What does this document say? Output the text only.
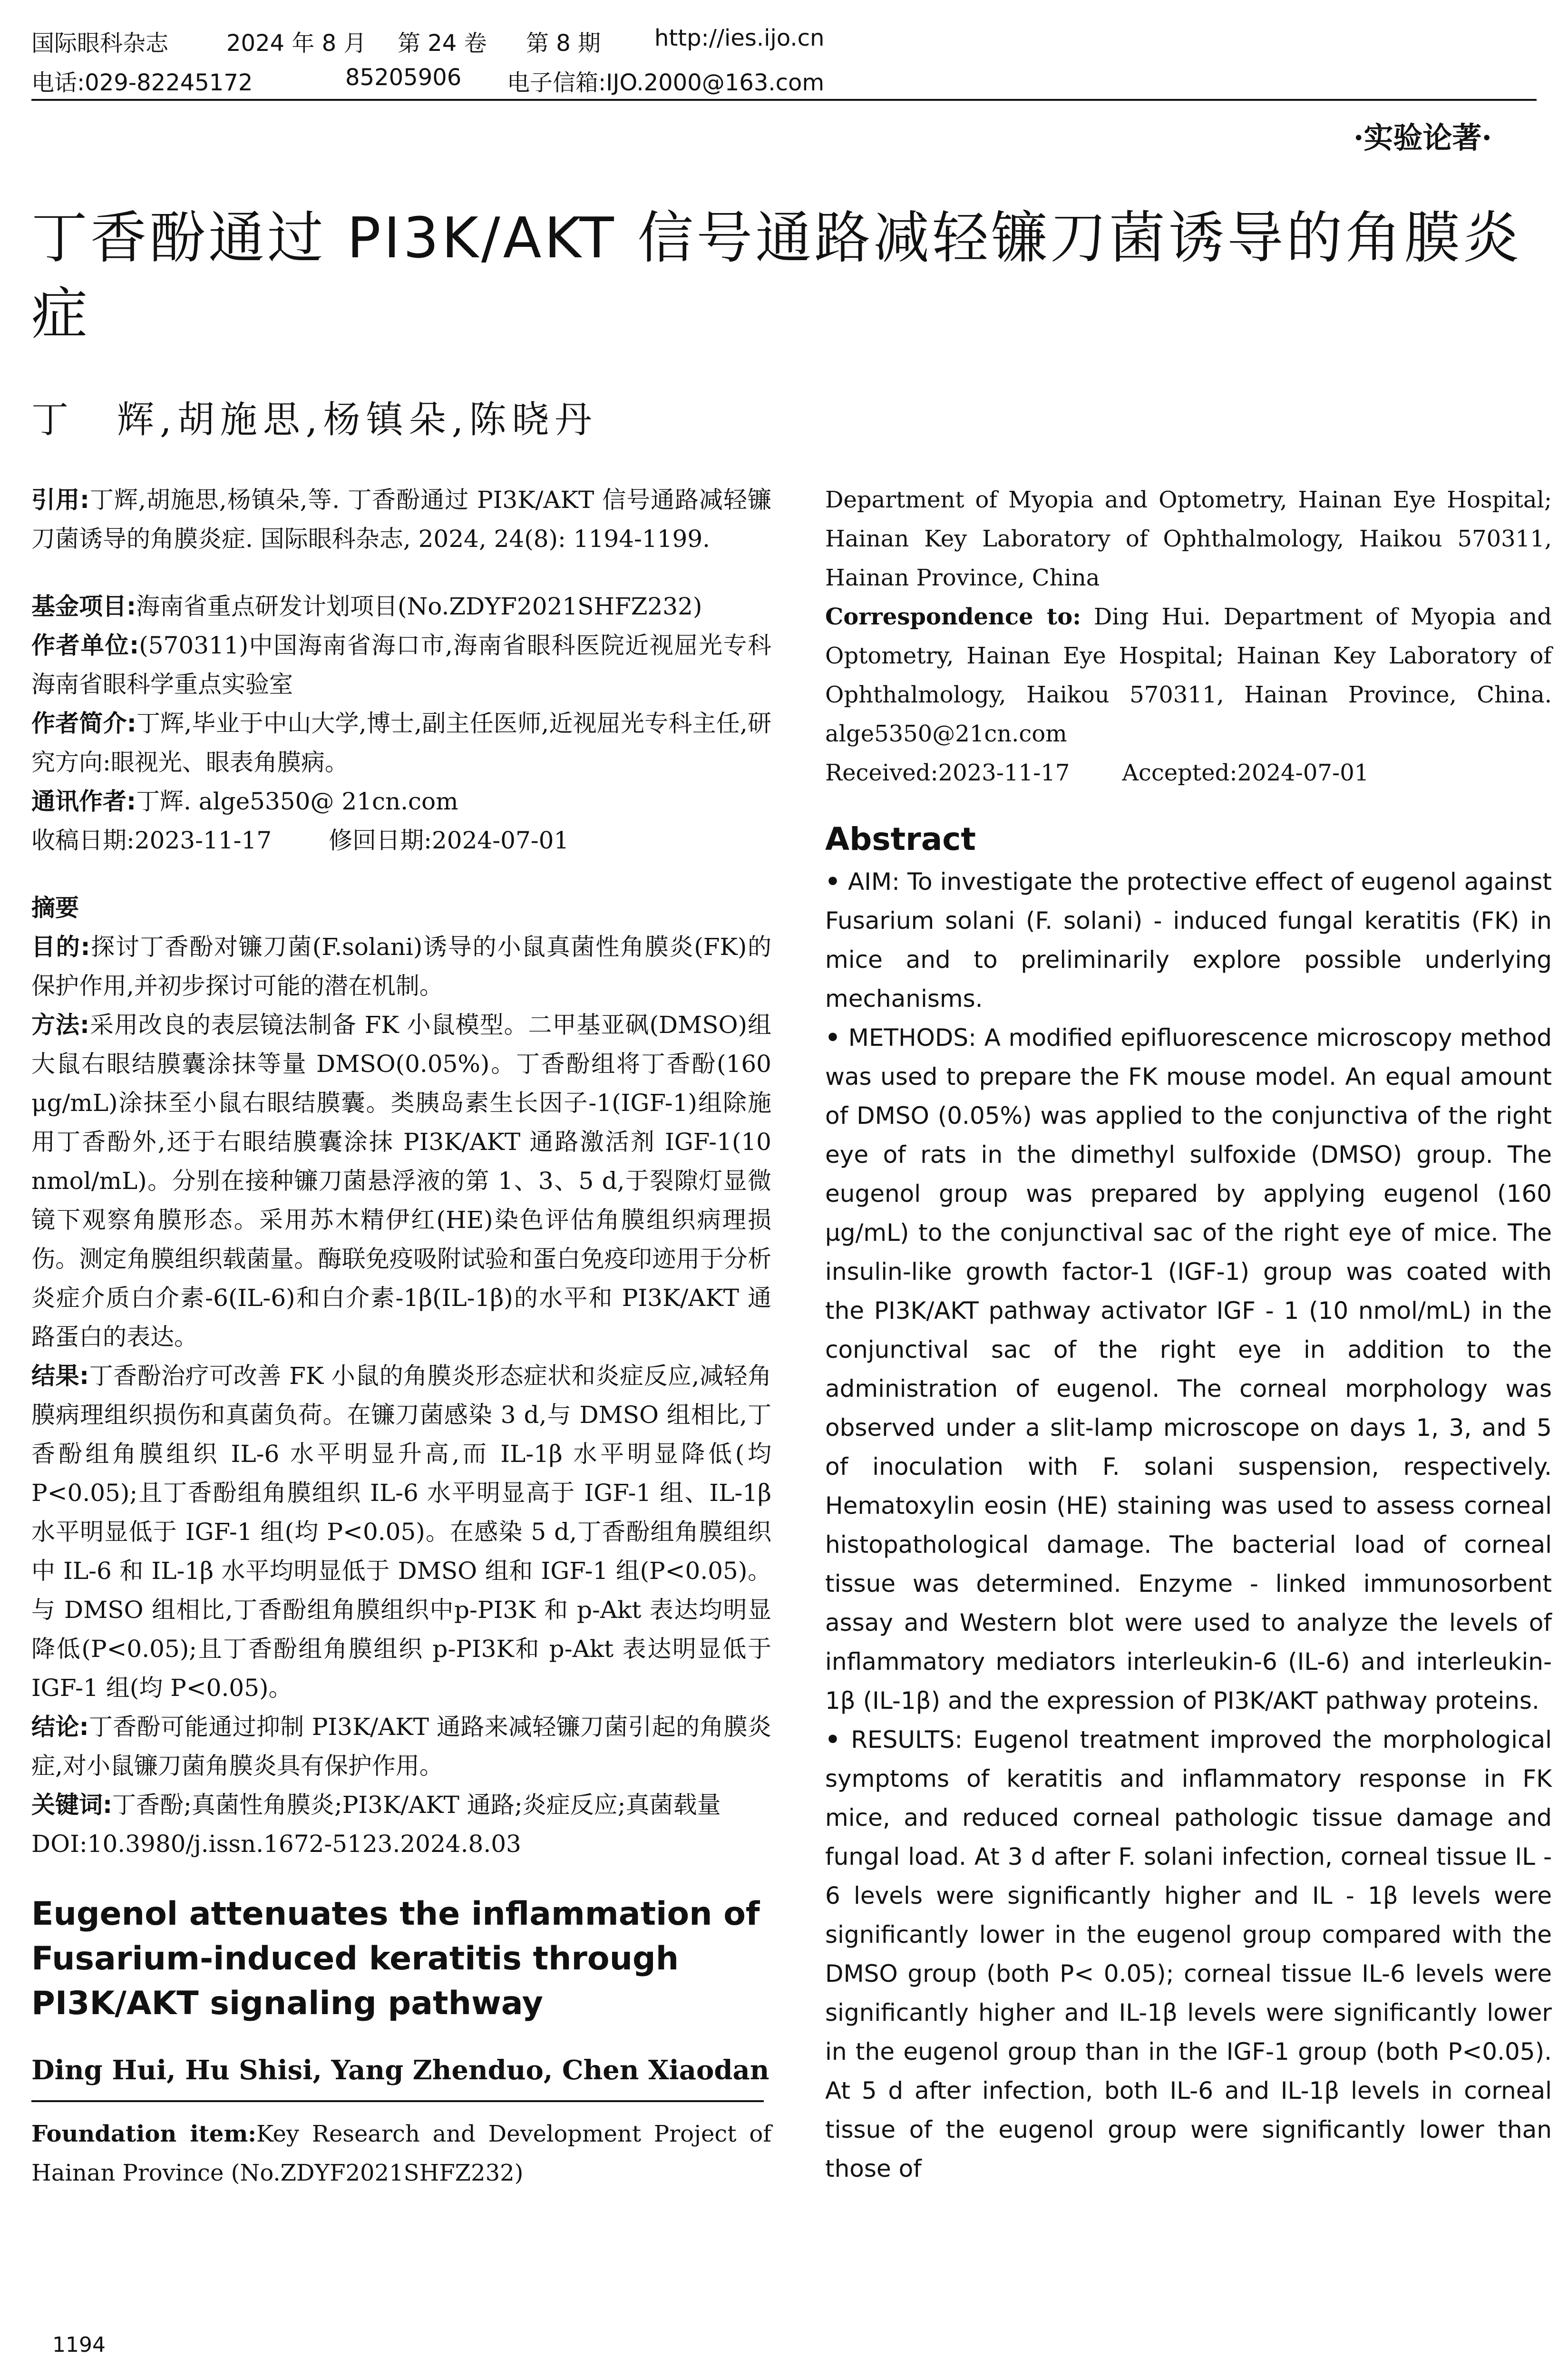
国际眼科杂志	2024 年 8 月 第 24 卷 第 8 期 http://ies.ijo.cn
电话:029-82245172	85205906 电子信箱:IJO.2000@163.com
·实验论著·
丁香酚通过 PI3K/AKT 信号通路减轻镰刀菌诱导的角膜炎症
丁　辉,胡施思,杨镇朵,陈晓丹

引用:丁辉,胡施思,杨镇朵,等. 丁香酚通过 PI3K/AKT 信号通路减轻镰刀菌诱导的角膜炎症. 国际眼科杂志, 2024, 24(8): 1194-1199.

基金项目:海南省重点研发计划项目(No.ZDYF2021SHFZ232)

作者单位:(570311)中国海南省海口市,海南省眼科医院近视屈光专科 海南省眼科学重点实验室

作者简介:丁辉,毕业于中山大学,博士,副主任医师,近视屈光专科主任,研究方向:眼视光、眼表角膜病。

通讯作者:丁辉. alge5350@ 21cn.com

收稿日期:2023-11-17 修回日期:2024-07-01

摘要

目的:探讨丁香酚对镰刀菌(F.solani)诱导的小鼠真菌性角膜炎(FK)的保护作用,并初步探讨可能的潜在机制。

方法:采用改良的表层镜法制备 FK 小鼠模型。二甲基亚砜(DMSO)组大鼠右眼结膜囊涂抹等量 DMSO(0.05%)。丁香酚组将丁香酚(160 μg/mL)涂抹至小鼠右眼结膜囊。类胰岛素生长因子-1(IGF-1)组除施用丁香酚外,还于右眼结膜囊涂抹 PI3K/AKT 通路激活剂 IGF-1(10 nmol/mL)。分别在接种镰刀菌悬浮液的第 1、3、5 d,于裂隙灯显微镜下观察角膜形态。采用苏木精伊红(HE)染色评估角膜组织病理损伤。测定角膜组织载菌量。酶联免疫吸附试验和蛋白免疫印迹用于分析炎症介质白介素-6(IL-6)和白介素-1β(IL-1β)的水平和 PI3K/AKT 通路蛋白的表达。

结果:丁香酚治疗可改善 FK 小鼠的角膜炎形态症状和炎症反应,减轻角膜病理组织损伤和真菌负荷。在镰刀菌感染 3 d,与 DMSO 组相比,丁香酚组角膜组织 IL-6 水平明显升高,而 IL-1β 水平明显降低(均 P<0.05);且丁香酚组角膜组织 IL-6 水平明显高于 IGF-1 组、IL-1β 水平明显低于 IGF-1 组(均 P<0.05)。在感染 5 d,丁香酚组角膜组织中 IL-6 和 IL-1β 水平均明显低于 DMSO 组和 IGF-1 组(P<0.05)。与 DMSO 组相比,丁香酚组角膜组织中p-PI3K 和 p-Akt 表达均明显降低(P<0.05);且丁香酚组角膜组织 p-PI3K和 p-Akt 表达明显低于 IGF-1 组(均 P<0.05)。

结论:丁香酚可能通过抑制 PI3K/AKT 通路来减轻镰刀菌引起的角膜炎症,对小鼠镰刀菌角膜炎具有保护作用。

关键词:丁香酚;真菌性角膜炎;PI3K/AKT 通路;炎症反应;真菌载量

DOI:10.3980/j.issn.1672-5123.2024.8.03

Eugenol attenuates the inflammation of Fusarium-induced keratitis through PI3K/AKT signaling pathway

Ding Hui, Hu Shisi, Yang Zhenduo, Chen Xiaodan

Foundation item:Key Research and Development Project of Hainan Province (No.ZDYF2021SHFZ232)

Department of Myopia and Optometry, Hainan Eye Hospital; Hainan Key Laboratory of Ophthalmology, Haikou 570311, Hainan Province, China

Correspondence to: Ding Hui. Department of Myopia and Optometry, Hainan Eye Hospital; Hainan Key Laboratory of Ophthalmology, Haikou 570311, Hainan Province, China. alge5350@21cn.com

Received:2023-11-17 Accepted:2024-07-01

Abstract

• AIM: To investigate the protective effect of eugenol against Fusarium solani (F. solani) - induced fungal keratitis (FK) in mice and to preliminarily explore possible underlying mechanisms.

• METHODS: A modified epifluorescence microscopy method was used to prepare the FK mouse model. An equal amount of DMSO (0.05%) was applied to the conjunctiva of the right eye of rats in the dimethyl sulfoxide (DMSO) group. The eugenol group was prepared by applying eugenol (160 μg/mL) to the conjunctival sac of the right eye of mice. The insulin-like growth factor-1 (IGF-1) group was coated with the PI3K/AKT pathway activator IGF - 1 (10 nmol/mL) in the conjunctival sac of the right eye in addition to the administration of eugenol. The corneal morphology was observed under a slit-lamp microscope on days 1, 3, and 5 of inoculation with F. solani suspension, respectively. Hematoxylin eosin (HE) staining was used to assess corneal histopathological damage. The bacterial load of corneal tissue was determined. Enzyme - linked immunosorbent assay and Western blot were used to analyze the levels of inflammatory mediators interleukin-6 (IL-6) and interleukin-1β (IL-1β) and the expression of PI3K/AKT pathway proteins.

• RESULTS: Eugenol treatment improved the morphological symptoms of keratitis and inflammatory response in FK mice, and reduced corneal pathologic tissue damage and fungal load. At 3 d after F. solani infection, corneal tissue IL - 6 levels were significantly higher and IL - 1β levels were significantly lower in the eugenol group compared with the DMSO group (both P< 0.05); corneal tissue IL-6 levels were significantly higher and IL-1β levels were significantly lower in the eugenol group than in the IGF-1 group (both P<0.05). At 5 d after infection, both IL-6 and IL-1β levels in corneal tissue of the eugenol group were significantly lower than those of

1194
